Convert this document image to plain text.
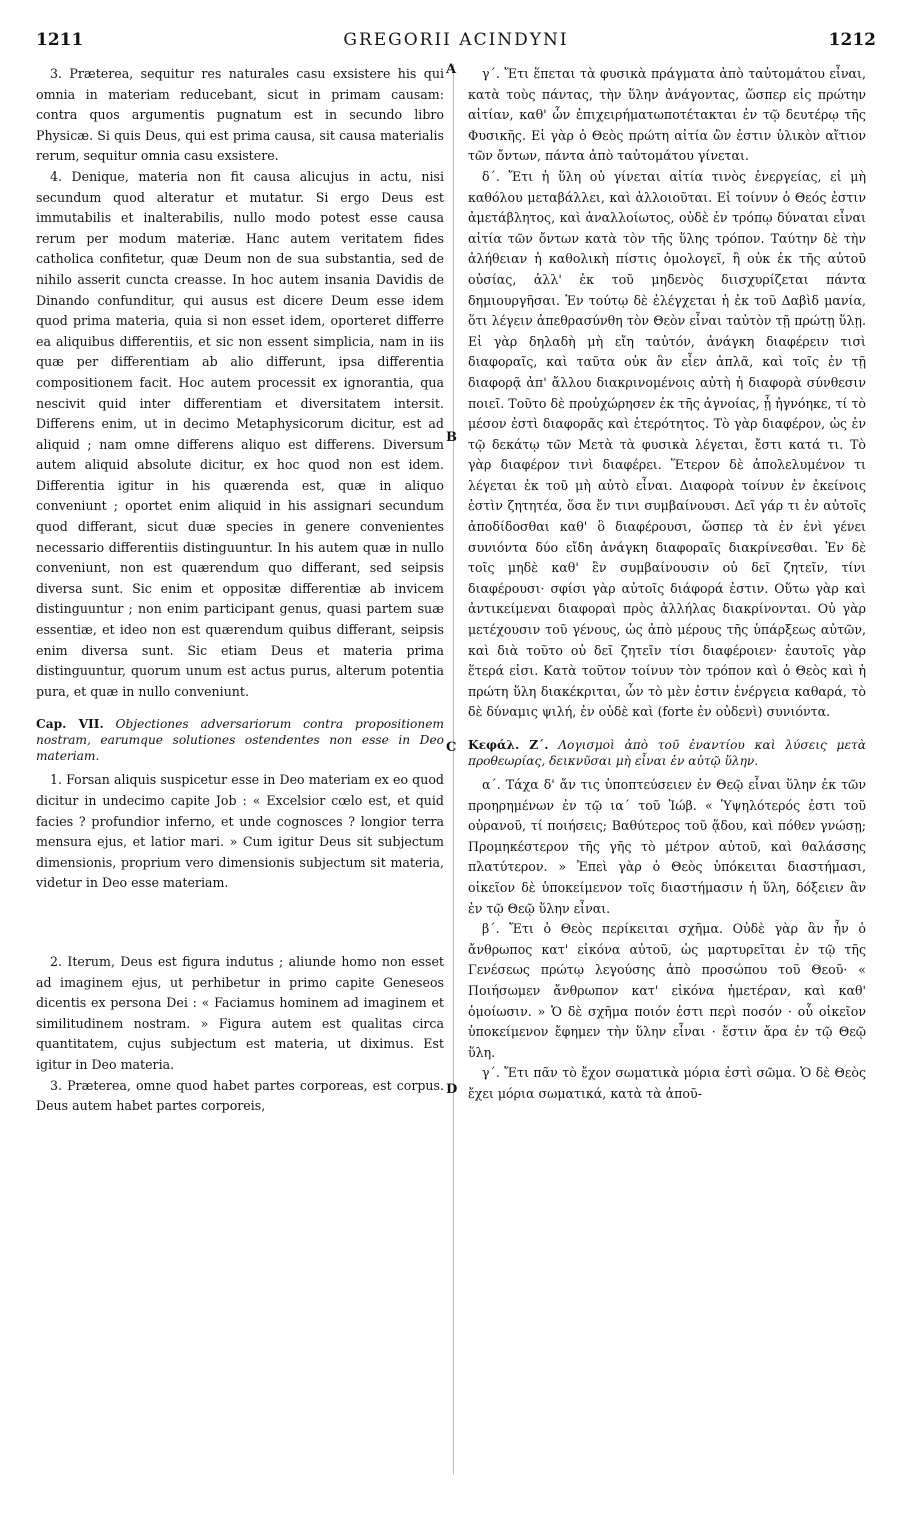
1211	GREGORII ACINDYNI	1212
A
B
C
D

3. Præterea, sequitur res naturales casu exsistere his qui omnia in materiam reducebant, sicut in primam causam: contra quos argumentis pugnatum est in secundo libro Physicæ. Si quis Deus, qui est prima causa, sit causa materialis rerum, sequitur omnia casu exsistere.

4. Denique, materia non fit causa alicujus in actu, nisi secundum quod alteratur et mutatur. Si ergo Deus est immutabilis et inalterabilis, nullo modo potest esse causa rerum per modum materiæ. Hanc autem veritatem fides catholica confitetur, quæ Deum non de sua substantia, sed de nihilo asserit cuncta creasse. In hoc autem insania Davidis de Dinando confunditur, qui ausus est dicere Deum esse idem quod prima materia, quia si non esset idem, oporteret differre ea aliquibus differentiis, et sic non essent simplicia, nam in iis quæ per differentiam ab alio differunt, ipsa differentia compositionem facit. Hoc autem processit ex ignorantia, qua nescivit quid inter differentiam et diversitatem intersit. Differens enim, ut in decimo Metaphysicorum dicitur, est ad aliquid ; nam omne differens aliquo est differens. Diversum autem aliquid absolute dicitur, ex hoc quod non est idem. Differentia igitur in his quærenda est, quæ in aliquo conveniunt ; oportet enim aliquid in his assignari secundum quod differant, sicut duæ species in genere convenientes necessario differentiis distinguuntur. In his autem quæ in nullo conveniunt, non est quærendum quo differant, sed seipsis diversa sunt. Sic enim et oppositæ differentiæ ab invicem distinguuntur ; non enim participant genus, quasi partem suæ essentiæ, et ideo non est quærendum quibus differant, seipsis enim diversa sunt. Sic etiam Deus et materia prima distinguuntur, quorum unum est actus purus, alterum potentia pura, et quæ in nullo conveniunt.

Cap. VII. Objectiones adversariorum contra propositionem nostram, earumque solutiones ostendentes non esse in Deo materiam.

1. Forsan aliquis suspicetur esse in Deo materiam ex eo quod dicitur in undecimo capite Job : « Excelsior cœlo est, et quid facies ? profundior inferno, et unde cognosces ? longior terra mensura ejus, et latior mari. » Cum igitur Deus sit subjectum dimensionis, proprium vero dimensionis subjectum sit materia, videtur in Deo esse materiam.

2. Iterum, Deus est figura indutus ; aliunde homo non esset ad imaginem ejus, ut perhibetur in primo capite Geneseos dicentis ex persona Dei : « Faciamus hominem ad imaginem et similitudinem nostram. » Figura autem est qualitas circa quantitatem, cujus subjectum est materia, ut diximus. Est igitur in Deo materia.

3. Præterea, omne quod habet partes corporeas, est corpus. Deus autem habet partes corporeis,

γ΄. Ἔτι ἕπεται τὰ φυσικὰ πράγματα ἀπὸ ταὐτομάτου εἶναι, κατὰ τοὺς πάντας, τὴν ὕλην ἀνάγοντας, ὥσπερ εἰς πρώτην αἰτίαν, καθ' ὧν ἐπιχειρήματωποτέτακται ἐν τῷ δευτέρῳ τῆς Φυσικῆς. Εἰ γὰρ ὁ Θεὸς πρώτη αἰτία ὢν ἐστιν ὑλικὸν αἴτιον τῶν ὄντων, πάντα ἀπὸ ταὐτομάτου γίνεται.

δ΄. Ἔτι ἡ ὕλη οὐ γίνεται αἰτία τινὸς ἐνεργείας, εἰ μὴ καθόλου μεταβάλλει, καὶ ἀλλοιοῦται. Εἰ τοίνυν ὁ Θεός ἐστιν ἀμετάβλητος, καὶ ἀναλλοίωτος, οὐδὲ ἐν τρόπῳ δύναται εἶναι αἰτία τῶν ὄντων κατὰ τὸν τῆς ὕλης τρόπον. Ταύτην δὲ τὴν ἀλήθειαν ἡ καθολικὴ πίστις ὁμολογεῖ, ἢ οὐκ ἐκ τῆς αὐτοῦ οὐσίας, ἀλλ' ἐκ τοῦ μηδενὸς διισχυρίζεται πάντα δημιουργῆσαι. Ἐν τούτῳ δὲ ἐλέγχεται ἡ ἐκ τοῦ Δαβὶδ μανία, ὅτι λέγειν ἀπεθρασύνθη τὸν Θεὸν εἶναι ταὐτὸν τῇ πρώτῃ ὕλῃ. Εἰ γὰρ δηλαδὴ μὴ εἴη ταὐτόν, ἀνάγκη διαφέρειν τισὶ διαφοραῖς, καὶ ταῦτα οὐκ ἂν εἶεν ἁπλᾶ, καὶ τοῖς ἐν τῇ διαφορᾷ ἀπ' ἄλλου διακρινομένοις αὐτὴ ἡ διαφορὰ σύνθεσιν ποιεῖ. Τοῦτο δὲ προὐχώρησεν ἐκ τῆς ἀγνοίας, ᾗ ἠγνόηκε, τί τὸ μέσον ἐστὶ διαφορᾶς καὶ ἑτερότητος. Τὸ γὰρ διαφέρον, ὡς ἐν τῷ δεκάτῳ τῶν Μετὰ τὰ φυσικὰ λέγεται, ἔστι κατά τι. Τὸ γὰρ διαφέρον τινὶ διαφέρει. Ἕτερον δὲ ἀπολελυμένον τι λέγεται ἐκ τοῦ μὴ αὐτὸ εἶναι. Διαφορὰ τοίνυν ἐν ἐκείνοις ἐστὶν ζητητέα, ὅσα ἔν τινι συμβαίνουσι. Δεῖ γάρ τι ἐν αὐτοῖς ἀποδίδοσθαι καθ' ὃ διαφέρουσι, ὥσπερ τὰ ἐν ἑνὶ γένει συνιόντα δύο εἴδη ἀνάγκη διαφοραῖς διακρίνεσθαι. Ἐν δὲ τοῖς μηδὲ καθ' ἓν συμβαίνουσιν οὐ δεῖ ζητεῖν, τίνι διαφέρουσι· σφίσι γὰρ αὐτοῖς διάφορά ἐστιν. Οὕτω γὰρ καὶ ἀντικείμεναι διαφοραὶ πρὸς ἀλλήλας διακρίνονται. Οὐ γὰρ μετέχουσιν τοῦ γένους, ὡς ἀπὸ μέρους τῆς ὑπάρξεως αὐτῶν, καὶ διὰ τοῦτο οὐ δεῖ ζητεῖν τίσι διαφέροιεν· ἑαυτοῖς γὰρ ἕτερά εἰσι. Κατὰ τοῦτον τοίνυν τὸν τρόπον καὶ ὁ Θεὸς καὶ ἡ πρώτη ὕλη διακέκριται, ὧν τὸ μὲν ἐστιν ἐνέργεια καθαρά, τὸ δὲ δύναμις ψιλή, ἐν οὐδὲ καὶ (forte ἐν οὐδενὶ) συνιόντα.

Κεφάλ. Ζ΄. Λογισμοὶ ἀπὸ τοῦ ἐναντίου καὶ λύσεις μετὰ προθεωρίας, δεικνῦσαι μὴ εἶναι ἐν αὐτῷ ὕλην.

α΄. Τάχα δ' ἄν τις ὑποπτεύσειεν ἐν Θεῷ εἶναι ὕλην ἐκ τῶν προηρημένων ἐν τῷ ια΄ τοῦ Ἰώβ. « Ὑψηλότερός ἐστι τοῦ οὐρανοῦ, τί ποιήσεις; Βαθύτερος τοῦ ᾅδου, καὶ πόθεν γνώσῃ; Προμηκέστερον τῆς γῆς τὸ μέτρον αὐτοῦ, καὶ θαλάσσης πλατύτερον. » Ἐπεὶ γὰρ ὁ Θεὸς ὑπόκειται διαστήμασι, οἰκεῖον δὲ ὑποκείμενον τοῖς διαστήμασιν ἡ ὕλη, δόξειεν ἂν ἐν τῷ Θεῷ ὕλην εἶναι.

β΄. Ἔτι ὁ Θεὸς περίκειται σχῆμα. Οὐδὲ γὰρ ἂν ἦν ὁ ἄνθρωπος κατ' εἰκόνα αὐτοῦ, ὡς μαρτυρεῖται ἐν τῷ τῆς Γενέσεως πρώτῳ λεγούσης ἀπὸ προσώπου τοῦ Θεοῦ· « Ποιήσωμεν ἄνθρωπον κατ' εἰκόνα ἡμετέραν, καὶ καθ' ὁμοίωσιν. » Ὁ δὲ σχῆμα ποιόν ἐστι περὶ ποσόν · οὗ οἰκεῖον ὑποκείμενον ἔφημεν τὴν ὕλην εἶναι · ἔστιν ἄρα ἐν τῷ Θεῷ ὕλη.

γ΄. Ἔτι πᾶν τὸ ἔχον σωματικὰ μόρια ἐστὶ σῶμα. Ὁ δὲ Θεὸς ἔχει μόρια σωματικά, κατὰ τὰ ἀποῦ-
